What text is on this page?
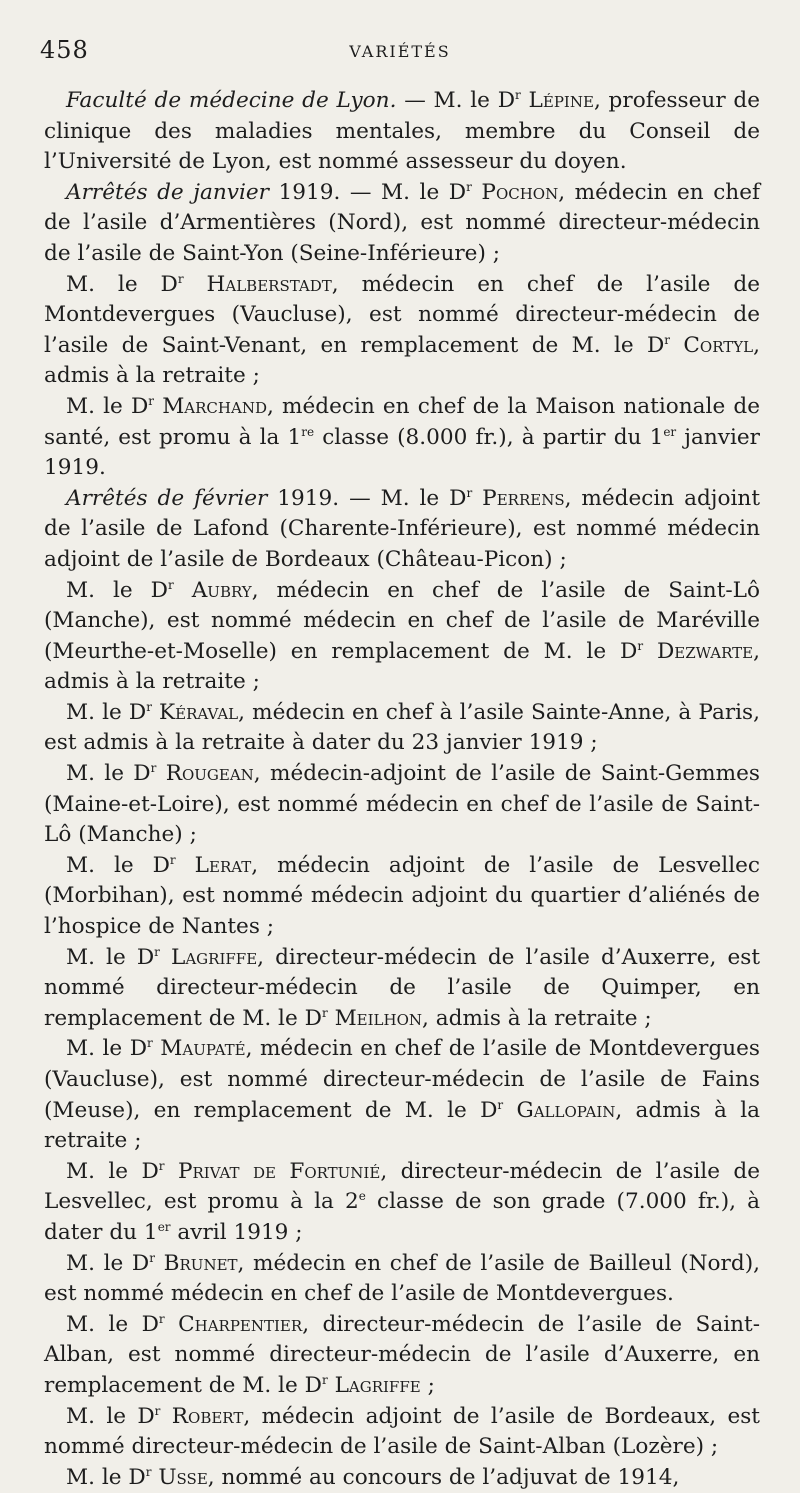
458	VARIÉTÉS

Faculté de médecine de Lyon. — M. le $D^r$ Lépine, professeur de clinique des maladies mentales, membre du Conseil de l’Université de Lyon, est nommé assesseur du doyen.

Arrêtés de janvier 1919. — M. le $D^r$ Pochon, médecin en chef de l’asile d’Armentières (Nord), est nommé directeur-médecin de l’asile de Saint-Yon (Seine-Inférieure) ;

M. le $D^r$ Halberstadt, médecin en chef de l’asile de Montdevergues (Vaucluse), est nommé directeur-médecin de l’asile de Saint-Venant, en remplacement de M. le $D^r$ Cortyl, admis à la retraite ;

M. le $D^r$ Marchand, médecin en chef de la Maison nationale de santé, est promu à la 1re classe (8.000 fr.), à partir du 1er janvier 1919.

Arrêtés de février 1919. — M. le $D^r$ Perrens, médecin adjoint de l’asile de Lafond (Charente-Inférieure), est nommé médecin adjoint de l’asile de Bordeaux (Château-Picon) ;

M. le $D^r$ Aubry, médecin en chef de l’asile de Saint-Lô (Manche), est nommé médecin en chef de l’asile de Maréville (Meurthe-et-Moselle) en remplacement de M. le $D^r$ Dezwarte, admis à la retraite ;

M. le $D^r$ Kéraval, médecin en chef à l’asile Sainte-Anne, à Paris, est admis à la retraite à dater du 23 janvier 1919 ;

M. le $D^r$ Rougean, médecin-adjoint de l’asile de Saint-Gemmes (Maine-et-Loire), est nommé médecin en chef de l’asile de Saint-Lô (Manche) ;

M. le $D^r$ Lerat, médecin adjoint de l’asile de Lesvellec (Morbihan), est nommé médecin adjoint du quartier d’aliénés de l’hospice de Nantes ;

M. le $D^r$ Lagriffe, directeur-médecin de l’asile d’Auxerre, est nommé directeur-médecin de l’asile de Quimper, en remplacement de M. le $D^r$ Meilhon, admis à la retraite ;

M. le $D^r$ Maupaté, médecin en chef de l’asile de Montdevergues (Vaucluse), est nommé directeur-médecin de l’asile de Fains (Meuse), en remplacement de M. le $D^r$ Gallopain, admis à la retraite ;

M. le $D^r$ Privat de Fortunié, directeur-médecin de l’asile de Lesvellec, est promu à la 2e classe de son grade (7.000 fr.), à dater du 1er avril 1919 ;

M. le $D^r$ Brunet, médecin en chef de l’asile de Bailleul (Nord), est nommé médecin en chef de l’asile de Montdevergues.

M. le $D^r$ Charpentier, directeur-médecin de l’asile de Saint-Alban, est nommé directeur-médecin de l’asile d’Auxerre, en remplacement de M. le $D^r$ Lagriffe ;

M. le $D^r$ Robert, médecin adjoint de l’asile de Bordeaux, est nommé directeur-médecin de l’asile de Saint-Alban (Lozère) ;

M. le $D^r$ Usse, nommé au concours de l’adjuvat de 1914,
